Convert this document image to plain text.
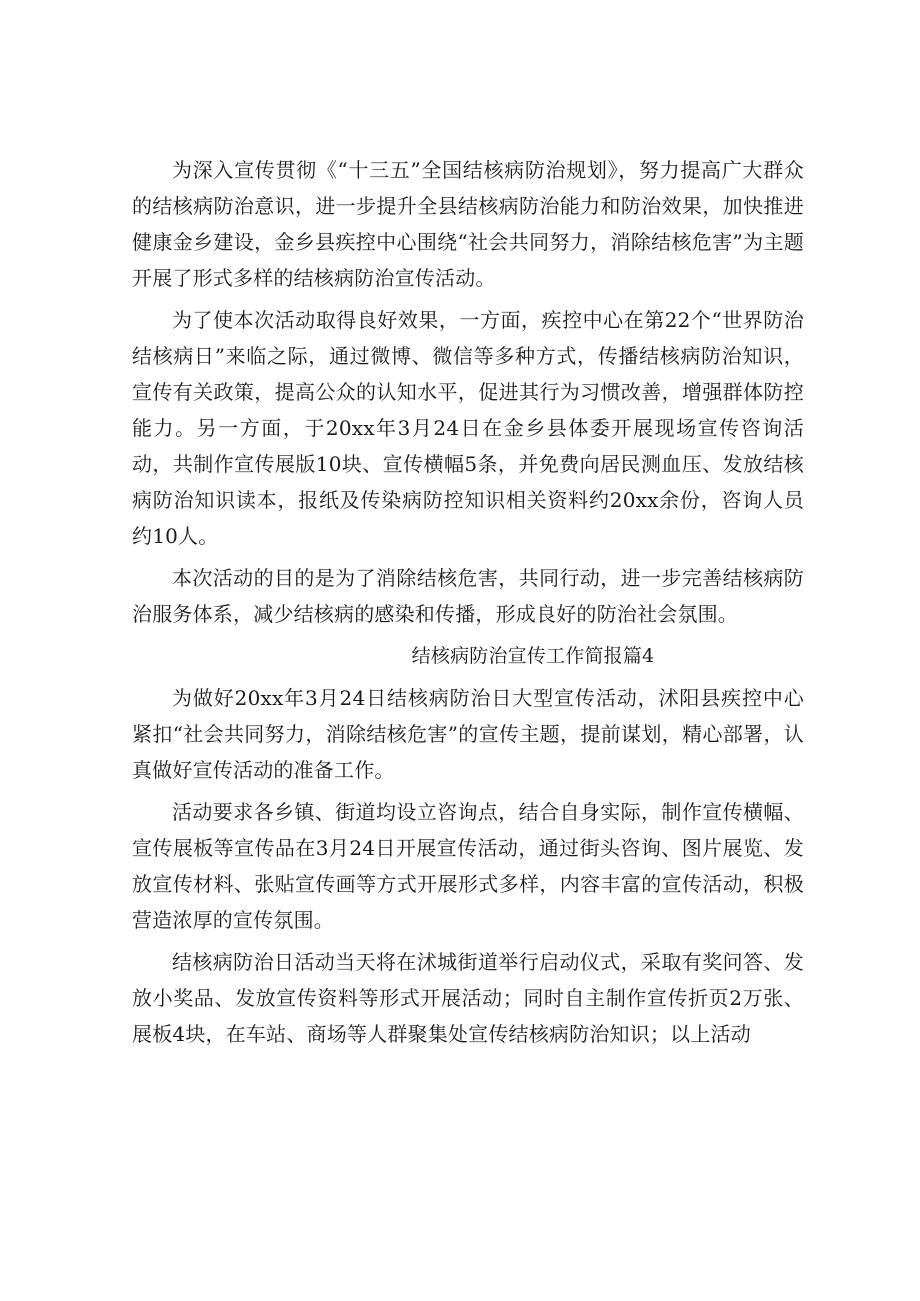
为深入宣传贯彻《“十三五”全国结核病防治规划》，努力提高广大群众的结核病防治意识，进一步提升全县结核病防治能力和防治效果，加快推进健康金乡建设，金乡县疾控中心围绕“社会共同努力，消除结核危害”为主题开展了形式多样的结核病防治宣传活动。

为了使本次活动取得良好效果，一方面，疾控中心在第22个“世界防治结核病日”来临之际，通过微博、微信等多种方式，传播结核病防治知识，宣传有关政策，提高公众的认知水平，促进其行为习惯改善，增强群体防控能力。另一方面，于20xx年3月24日在金乡县体委开展现场宣传咨询活动，共制作宣传展版10块、宣传横幅5条，并免费向居民测血压、发放结核病防治知识读本，报纸及传染病防控知识相关资料约20xx余份，咨询人员约10人。

本次活动的目的是为了消除结核危害，共同行动，进一步完善结核病防治服务体系，减少结核病的感染和传播，形成良好的防治社会氛围。

结核病防治宣传工作简报篇4

为做好20xx年3月24日结核病防治日大型宣传活动，沭阳县疾控中心紧扣“社会共同努力，消除结核危害”的宣传主题，提前谋划，精心部署，认真做好宣传活动的准备工作。

活动要求各乡镇、街道均设立咨询点，结合自身实际，制作宣传横幅、宣传展板等宣传品在3月24日开展宣传活动，通过街头咨询、图片展览、发放宣传材料、张贴宣传画等方式开展形式多样，内容丰富的宣传活动，积极营造浓厚的宣传氛围。

结核病防治日活动当天将在沭城街道举行启动仪式，采取有奖问答、发放小奖品、发放宣传资料等形式开展活动；同时自主制作宣传折页2万张、展板4块，在车站、商场等人群聚集处宣传结核病防治知识；以上活动
